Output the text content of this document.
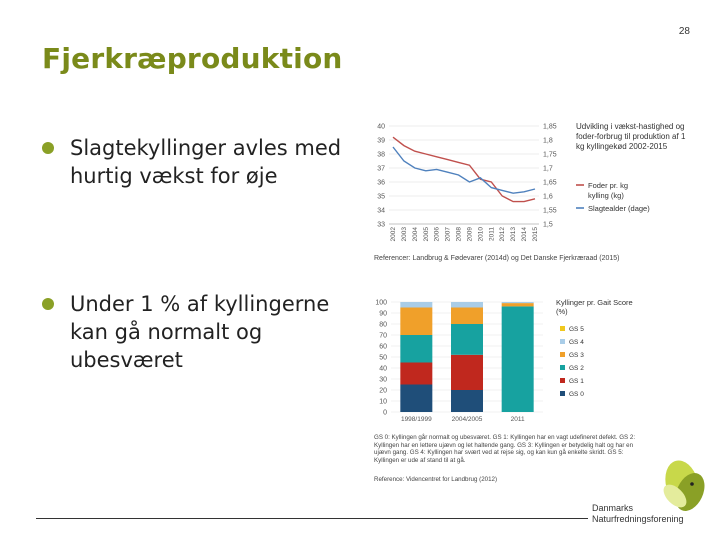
28
Fjerkræproduktion
Slagtekyllinger avles med hurtig vækst for øje
Under 1 % af kyllingerne kan gå normalt og ubesværet
40
39
38
37
36
35
34
33
1,85
1,8
1,75
1,7
1,65
1,6
1,55
1,5
2002 2003 2004 2005 2006 2007 2008 2009 2010 2011 2012 2013 2014 2015
Foder pr. kg
kylling (kg)
Slagtealder (dage)
Udvikling i vækst-hastighed og foder-forbrug til produktion af 1 kg kyllingekød 2002-2015
Referencer: Landbrug & Fødevarer (2014d) og Det Danske Fjerkræraad (2015)
100
90
80
70
60
50
40
30
20
10
0
1998/1999	2004/2005	2011
GS 5
GS 4
GS 3
GS 2
GS 1
GS 0
Kyllinger pr. Gait Score (%)
GS 0: Kyllingen går normalt og ubesværet. GS 1: Kyllingen har en vagt udefineret defekt. GS 2: Kyllingen har en lettere ujævn og let haltende gang. GS 3: Kyllingen er betydelig halt og har en ujævn gang. GS 4: Kyllingen har svært ved at rejse sig, og kan kun gå enkelte skridt. GS 5: Kyllingen er ude af stand til at gå.
Reference: Videncentret for Landbrug (2012)
Danmarks
Naturfredningsforening
